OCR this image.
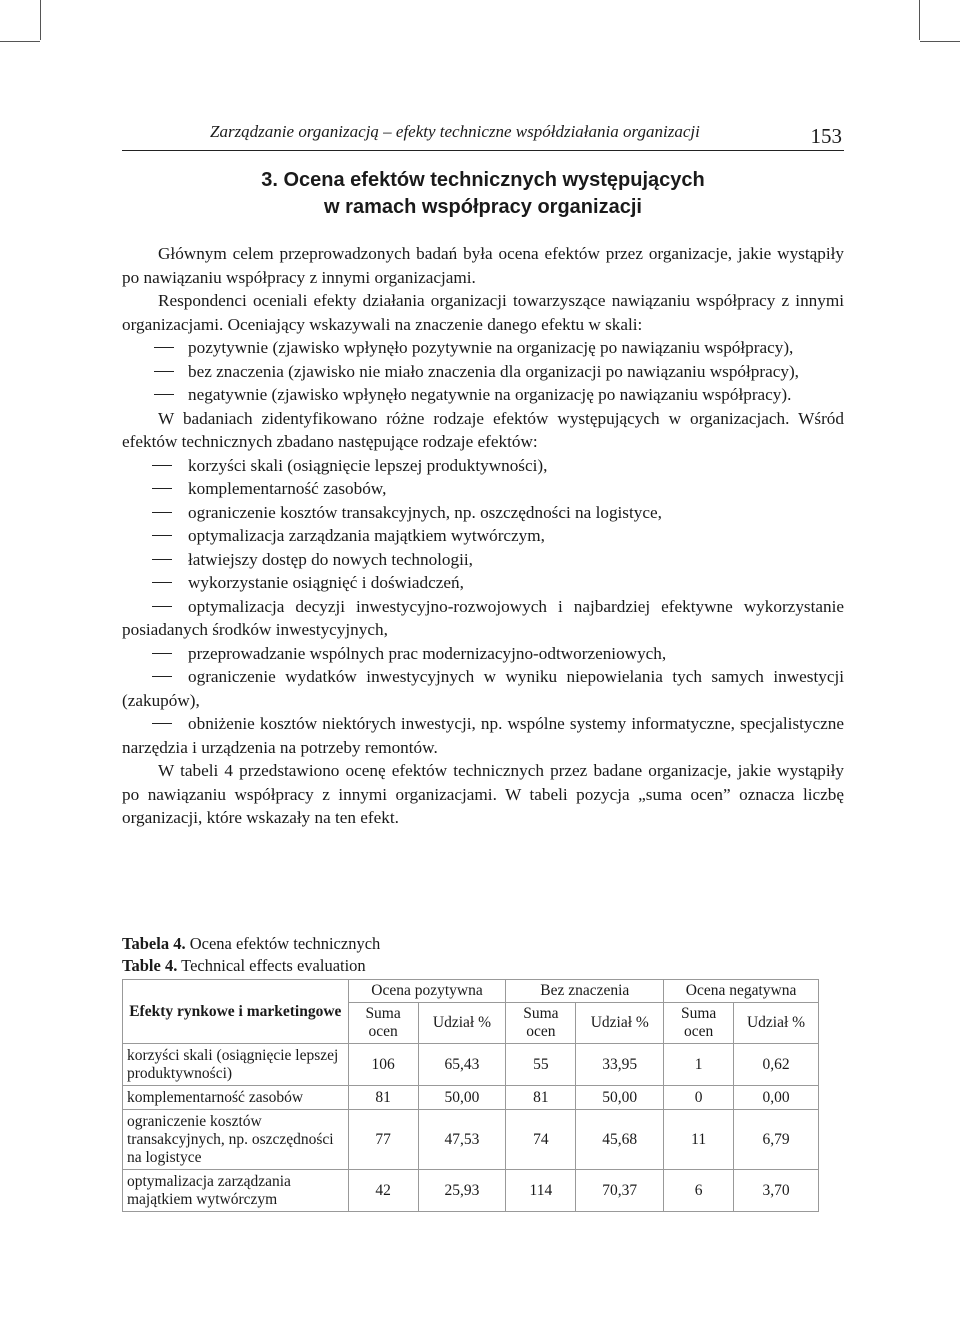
Zarządzanie organizacją – efekty techniczne współdziałania organizacji	153
3. Ocena efektów technicznych występujących
w ramach współpracy organizacji

Głównym celem przeprowadzonych badań była ocena efektów przez organizacje, jakie wystąpiły po nawiązaniu współpracy z innymi organizacjami.

Respondenci oceniali efekty działania organizacji towarzyszące nawiązaniu współpracy z innymi organizacjami. Oceniający wskazywali na znaczenie danego efektu w skali:

pozytywnie (zjawisko wpłynęło pozytywnie na organizację po nawiązaniu współpracy),
bez znaczenia (zjawisko nie miało znaczenia dla organizacji po nawiązaniu współpracy),
negatywnie (zjawisko wpłynęło negatywnie na organizację po nawiązaniu współpracy).

W badaniach zidentyfikowano różne rodzaje efektów występujących w organizacjach. Wśród efektów technicznych zbadano następujące rodzaje efektów:

korzyści skali (osiągnięcie lepszej produktywności),
komplementarność zasobów,
ograniczenie kosztów transakcyjnych, np. oszczędności na logistyce,
optymalizacja zarządzania majątkiem wytwórczym,
łatwiejszy dostęp do nowych technologii,
wykorzystanie osiągnięć i doświadczeń,
optymalizacja decyzji inwestycyjno-rozwojowych i najbardziej efektywne wykorzystanie posiadanych środków inwestycyjnych,
przeprowadzanie wspólnych prac modernizacyjno-odtworzeniowych,
ograniczenie wydatków inwestycyjnych w wyniku niepowielania tych samych inwestycji (zakupów),
obniżenie kosztów niektórych inwestycji, np. wspólne systemy informatyczne, specjalistyczne narzędzia i urządzenia na potrzeby remontów.

W tabeli 4 przedstawiono ocenę efektów technicznych przez badane organizacje, jakie wystąpiły po nawiązaniu współpracy z innymi organizacjami. W tabeli pozycja „suma ocen” oznacza liczbę organizacji, które wskazały na ten efekt.

Tabela 4. Ocena efektów technicznych
Table 4. Technical effects evaluation
Efekty rynkowe i marketingowe	Ocena pozytywna		Bez znaczenia		Ocena negatywna	
	Suma ocen	Udział %	Suma ocen	Udział %	Suma ocen	Udział %
korzyści skali (osiągnięcie lepszej produktywności)	106	65,43	55	33,95	1	0,62
komplementarność zasobów	81	50,00	81	50,00	0	0,00
ograniczenie kosztów transakcyjnych, np. oszczędności na logistyce	77	47,53	74	45,68	11	6,79
optymalizacja zarządzania majątkiem wytwórczym	42	25,93	114	70,37	6	3,70
